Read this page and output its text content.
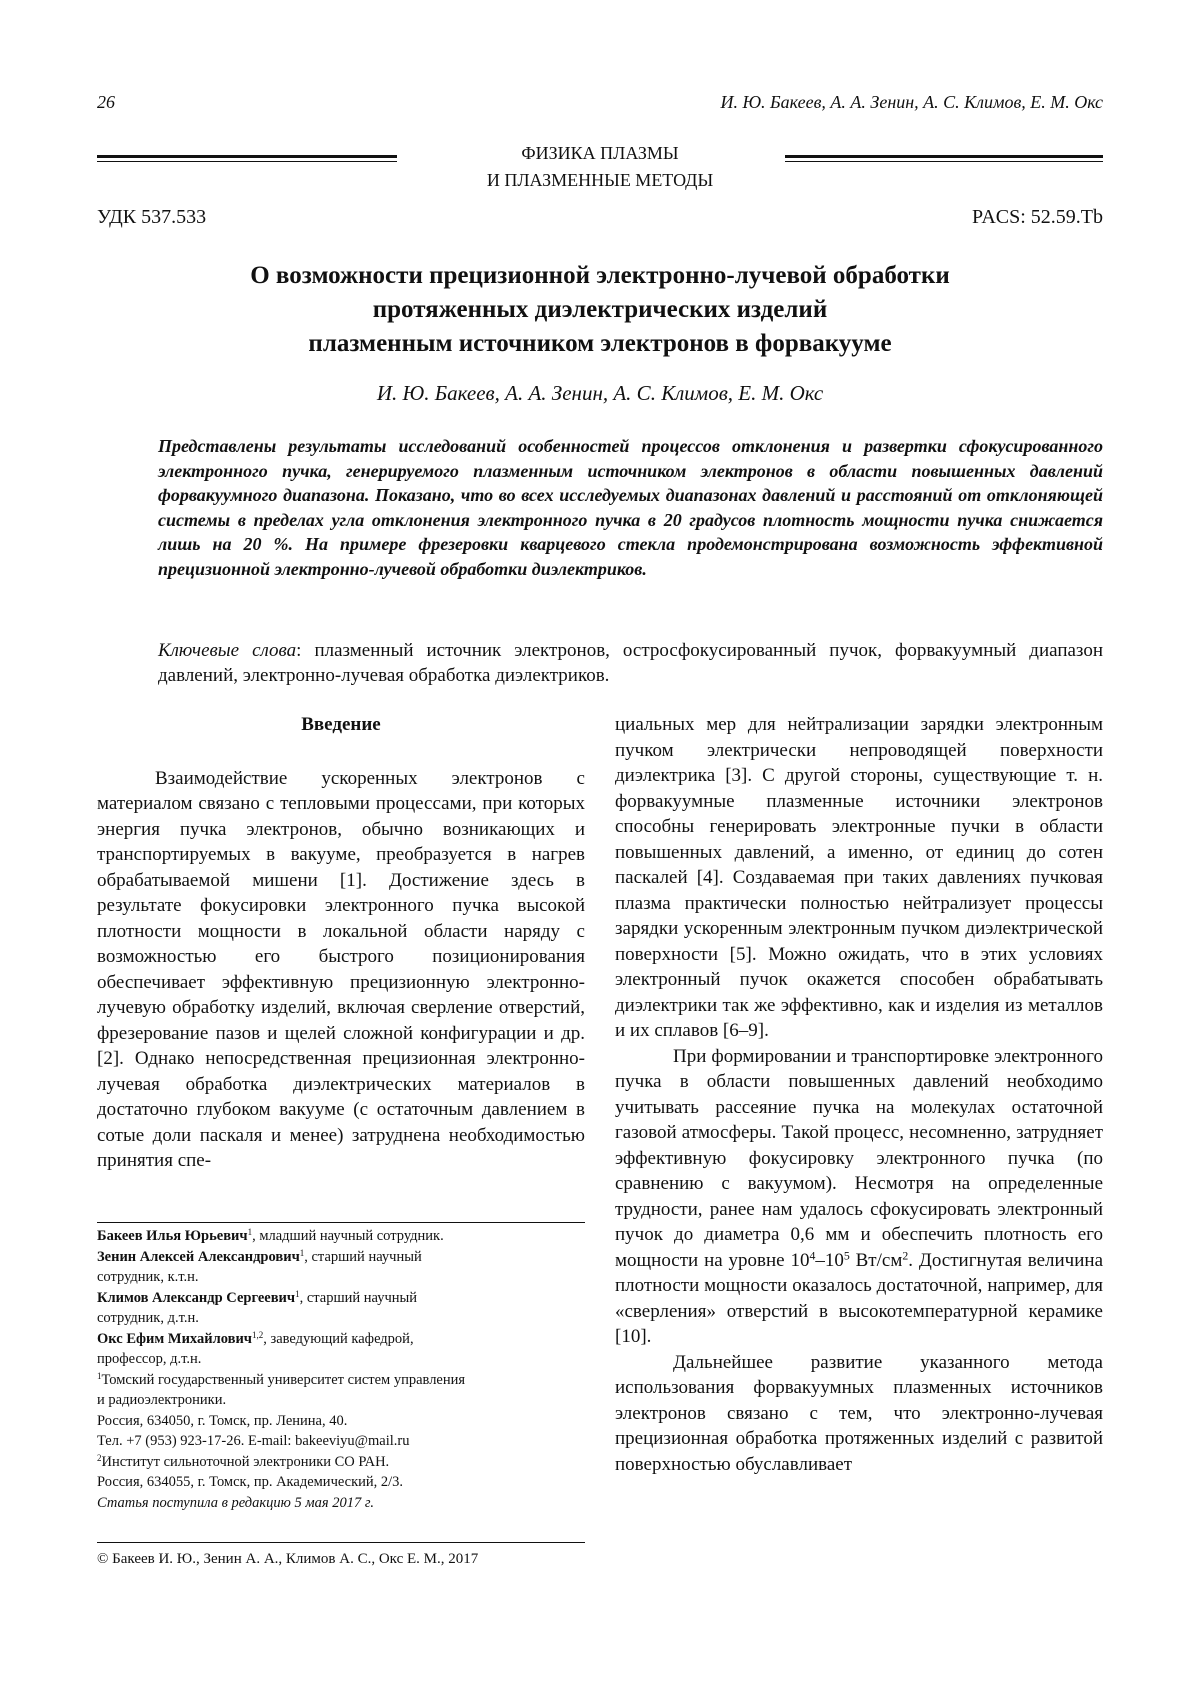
26	И. Ю. Бакеев, А. А. Зенин, А. С. Климов, Е. М. Окс
ФИЗИКА ПЛАЗМЫ
И ПЛАЗМЕННЫЕ МЕТОДЫ
УДК 537.533	PACS: 52.59.Tb
О возможности прецизионной электронно-лучевой обработки
протяженных диэлектрических изделий
плазменным источником электронов в форвакууме
И. Ю. Бакеев, А. А. Зенин, А. С. Климов, Е. М. Окс
Представлены результаты исследований особенностей процессов отклонения и развертки сфокусированного электронного пучка, генерируемого плазменным источником электронов в области повышенных давлений форвакуумного диапазона. Показано, что во всех исследуемых диапазонах давлений и расстояний от отклоняющей системы в пределах угла отклонения электронного пучка в 20 градусов плотность мощности пучка снижается лишь на 20 %. На примере фрезеровки кварцевого стекла продемонстрирована возможность эффективной прецизионной электронно-лучевой обработки диэлектриков.
Ключевые слова: плазменный источник электронов, остросфокусированный пучок, форвакуумный диапазон давлений, электронно-лучевая обработка диэлектриков.

Введение

Взаимодействие ускоренных электронов с материалом связано с тепловыми процессами, при которых энергия пучка электронов, обычно возникающих и транспортируемых в вакууме, преобразуется в нагрев обрабатываемой мишени [1]. Достижение здесь в результате фокусировки электронного пучка высокой плотности мощности в локальной области наряду с возможностью его быстрого позиционирования обеспечивает эффективную прецизионную электронно-лучевую обработку изделий, включая сверление отверстий, фрезерование пазов и щелей сложной конфигурации и др. [2]. Однако непосредственная прецизионная электронно-лучевая обработка диэлектрических материалов в достаточно глубоком вакууме (с остаточным давлением в сотые доли паскаля и менее) затруднена необходимостью принятия спе-

циальных мер для нейтрализации зарядки электронным пучком электрически непроводящей поверхности диэлектрика [3]. С другой стороны, существующие т. н. форвакуумные плазменные источники электронов способны генерировать электронные пучки в области повышенных давлений, а именно, от единиц до сотен паскалей [4]. Создаваемая при таких давлениях пучковая плазма практически полностью нейтрализует процессы зарядки ускоренным электронным пучком диэлектрической поверхности [5]. Можно ожидать, что в этих условиях электронный пучок окажется способен обрабатывать диэлектрики так же эффективно, как и изделия из металлов и их сплавов [6–9].

При формировании и транспортировке электронного пучка в области повышенных давлений необходимо учитывать рассеяние пучка на молекулах остаточной газовой атмосферы. Такой процесс, несомненно, затрудняет эффективную фокусировку электронного пучка (по сравнению с вакуумом). Несмотря на определенные трудности, ранее нам удалось сфокусировать электронный пучок до диаметра 0,6 мм и обеспечить плотность его мощности на уровне $10^4-10^5$ $Вт/см^2$. Достигнутая величина плотности мощности оказалось достаточной, например, для «сверления» отверстий в высокотемпературной керамике [10].

Дальнейшее развитие указанного метода использования форвакуумных плазменных источников электронов связано с тем, что электронно-лучевая прецизионная обработка протяженных изделий с развитой поверхностью обуславливает

Бакеев Илья Юрьевич$^1$, младший научный сотрудник.
Зенин Алексей Александрович$^1$, старший научный
сотрудник, к.т.н.
Климов Александр Сергеевич$^1$, старший научный
сотрудник, д.т.н.
Окс Ефим Михайлович$^{1,2}$, заведующий кафедрой,
профессор, д.т.н.
$^1$Томский государственный университет систем управления
и радиоэлектроники.
Россия, 634050, г. Томск, пр. Ленина, 40.
Тел. +7 (953) 923-17-26. E-mail: bakeeviyu@mail.ru
$^2$Институт сильноточной электроники СО РАН.
Россия, 634055, г. Томск, пр. Академический, 2/3.
Статья поступила в редакцию 5 мая 2017 г.
© Бакеев И. Ю., Зенин А. А., Климов А. С., Окс Е. М., 2017
